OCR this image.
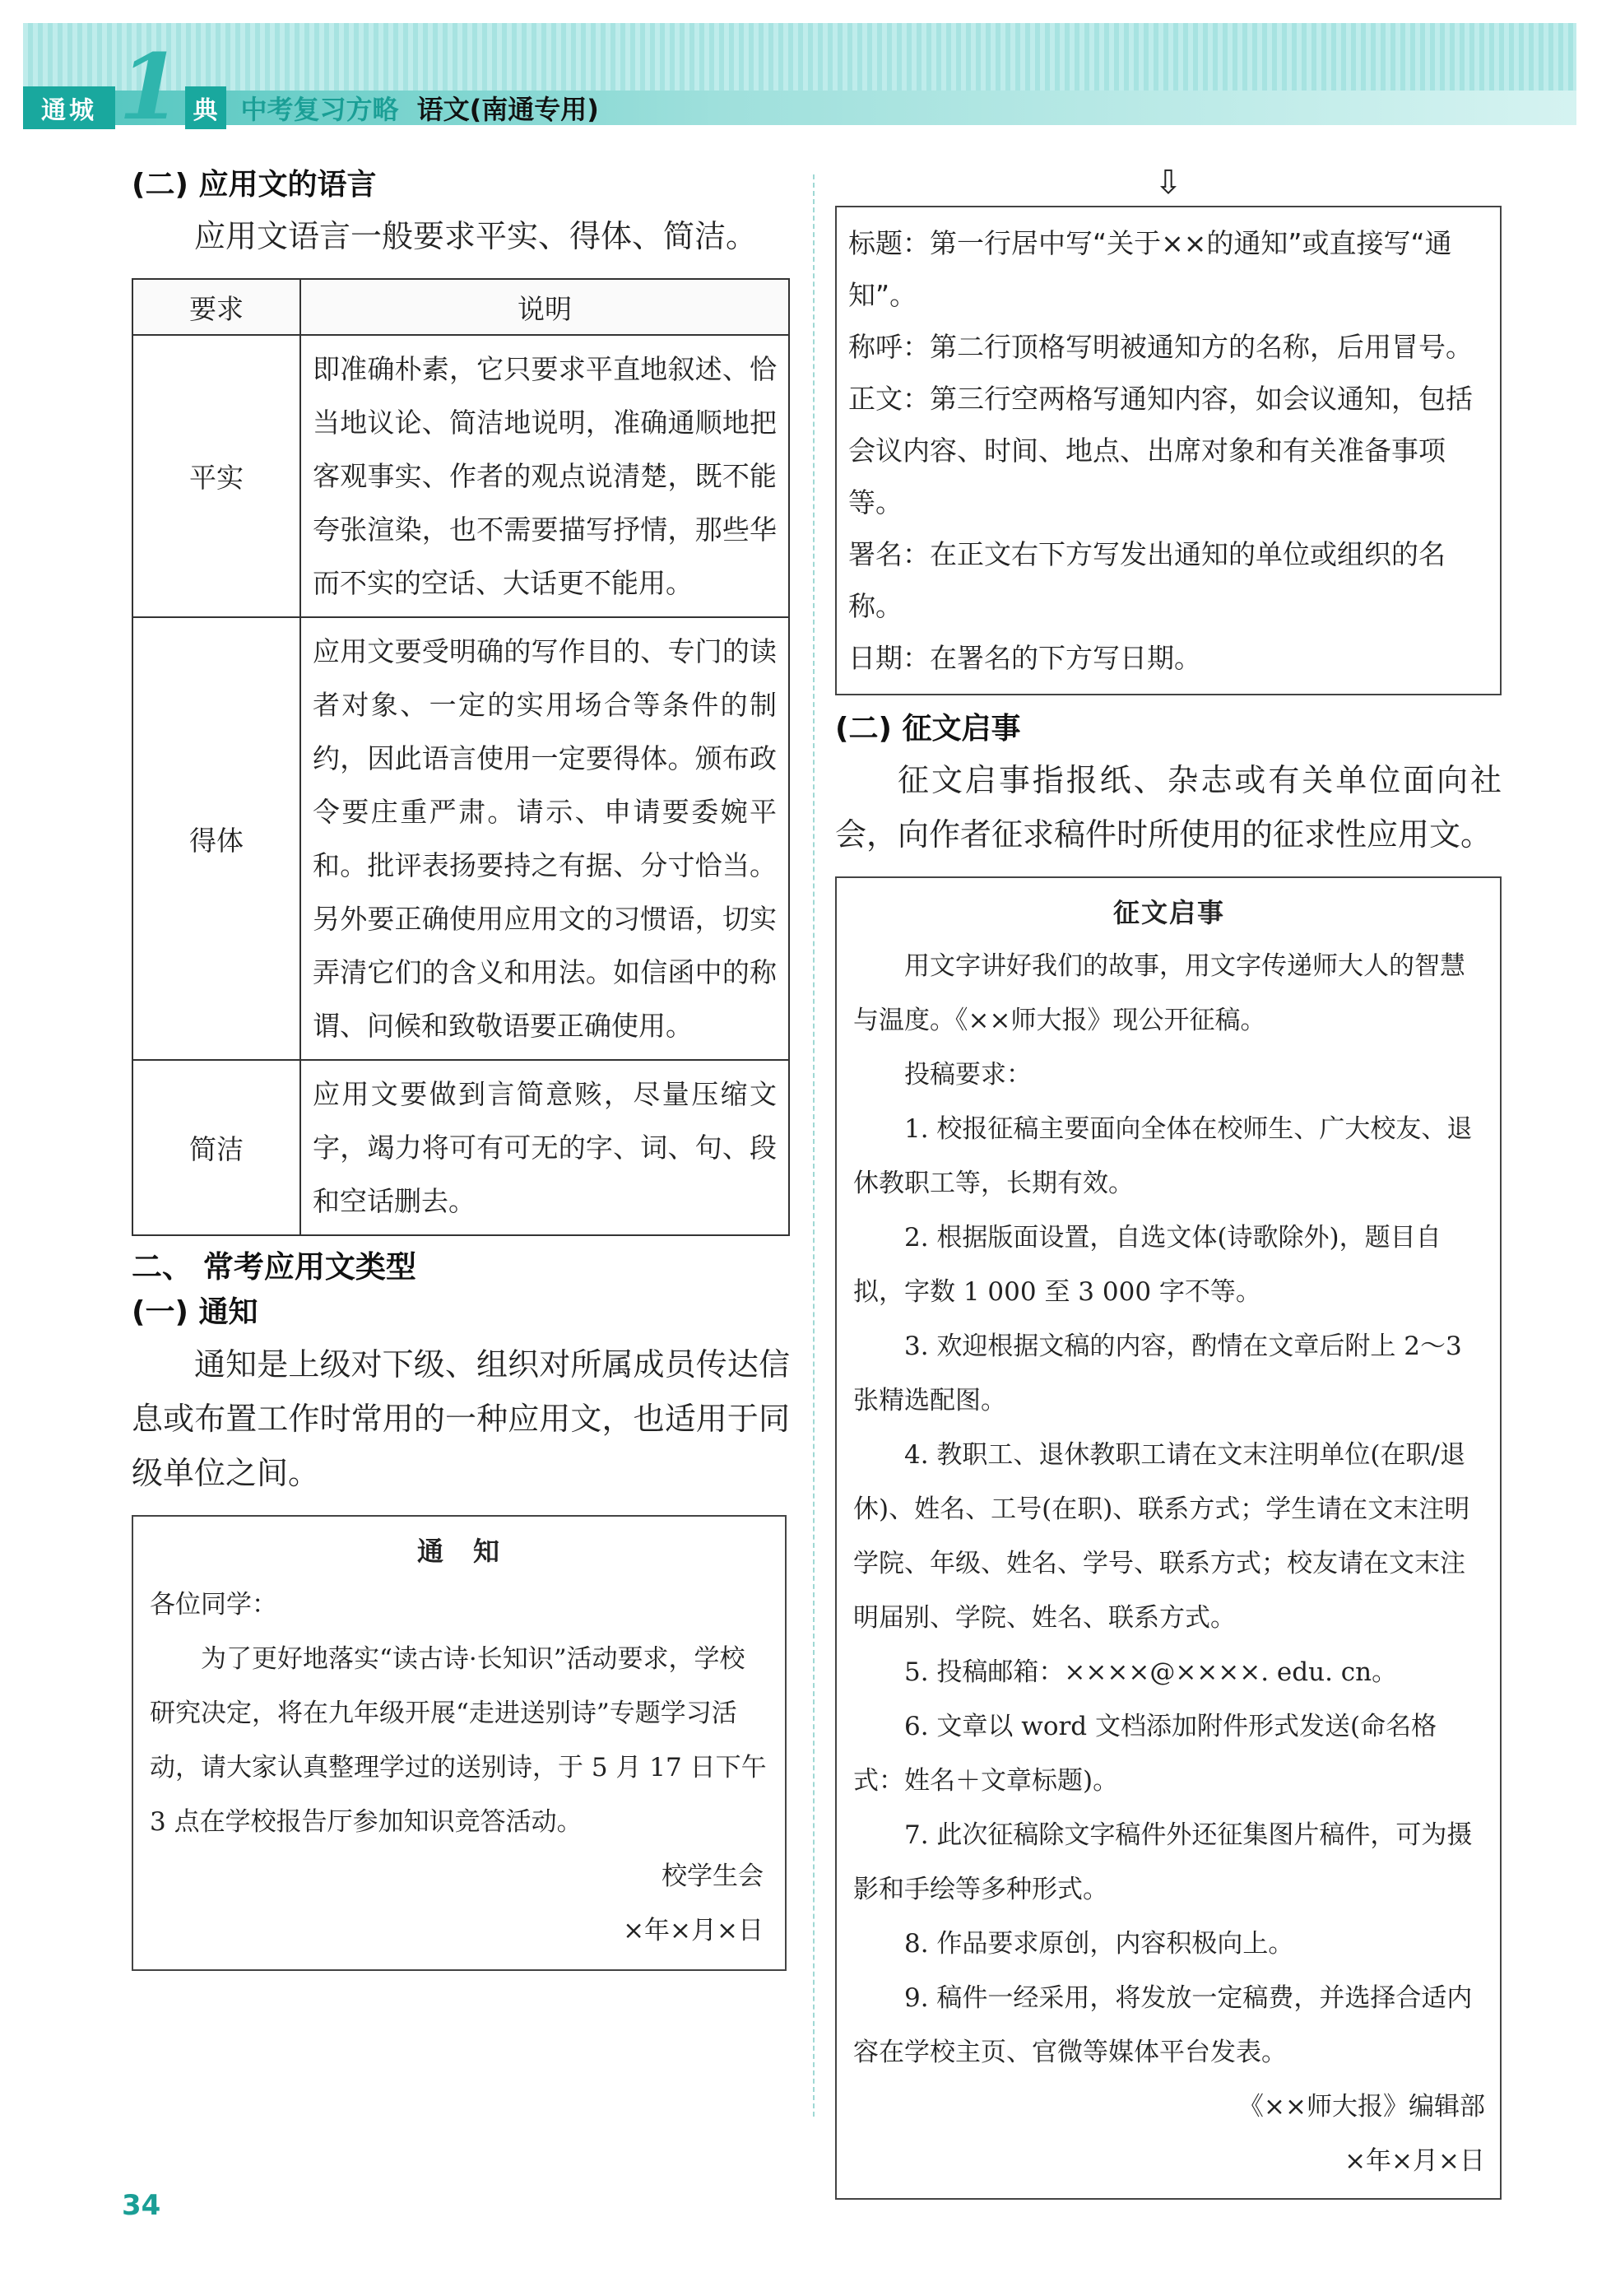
通城 1 典 中考复习方略 语文(南通专用)

(二) 应用文的语言

应用文语言一般要求平实、得体、简洁。

要求	说明
平实	即准确朴素，它只要求平直地叙述、恰当地议论、简洁地说明，准确通顺地把客观事实、作者的观点说清楚，既不能夸张渲染，也不需要描写抒情，那些华而不实的空话、大话更不能用。
得体	应用文要受明确的写作目的、专门的读者对象、一定的实用场合等条件的制约，因此语言使用一定要得体。颁布政令要庄重严肃。请示、申请要委婉平和。批评表扬要持之有据、分寸恰当。另外要正确使用应用文的习惯语，切实弄清它们的含义和用法。如信函中的称谓、问候和致敬语要正确使用。
简洁	应用文要做到言简意赅，尽量压缩文字，竭力将可有可无的字、词、句、段和空话删去。

二、 常考应用文类型

(一) 通知

通知是上级对下级、组织对所属成员传达信息或布置工作时常用的一种应用文，也适用于同级单位之间。

通　知

各位同学：

为了更好地落实“读古诗·长知识”活动要求，学校研究决定，将在九年级开展“走进送别诗”专题学习活动，请大家认真整理学过的送别诗，于 5 月 17 日下午 3 点在学校报告厅参加知识竞答活动。

校学生会

×年×月×日

⇩

标题：第一行居中写“关于××的通知”或直接写“通知”。

称呼：第二行顶格写明被通知方的名称，后用冒号。

正文：第三行空两格写通知内容，如会议通知，包括会议内容、时间、地点、出席对象和有关准备事项等。

署名：在正文右下方写发出通知的单位或组织的名称。

日期：在署名的下方写日期。

(二) 征文启事

征文启事指报纸、杂志或有关单位面向社会，向作者征求稿件时所使用的征求性应用文。

征文启事

用文字讲好我们的故事，用文字传递师大人的智慧与温度。《××师大报》现公开征稿。

投稿要求：

1. 校报征稿主要面向全体在校师生、广大校友、退休教职工等，长期有效。

2. 根据版面设置，自选文体(诗歌除外)，题目自拟，字数 1 000 至 3 000 字不等。

3. 欢迎根据文稿的内容，酌情在文章后附上 2～3 张精选配图。

4. 教职工、退休教职工请在文末注明单位(在职/退休)、姓名、工号(在职)、联系方式；学生请在文末注明学院、年级、姓名、学号、联系方式；校友请在文末注明届别、学院、姓名、联系方式。

5. 投稿邮箱：××××@××××. edu. cn。

6. 文章以 word 文档添加附件形式发送(命名格式：姓名＋文章标题)。

7. 此次征稿除文字稿件外还征集图片稿件，可为摄影和手绘等多种形式。

8. 作品要求原创，内容积极向上。

9. 稿件一经采用，将发放一定稿费，并选择合适内容在学校主页、官微等媒体平台发表。

《××师大报》编辑部

×年×月×日

34
